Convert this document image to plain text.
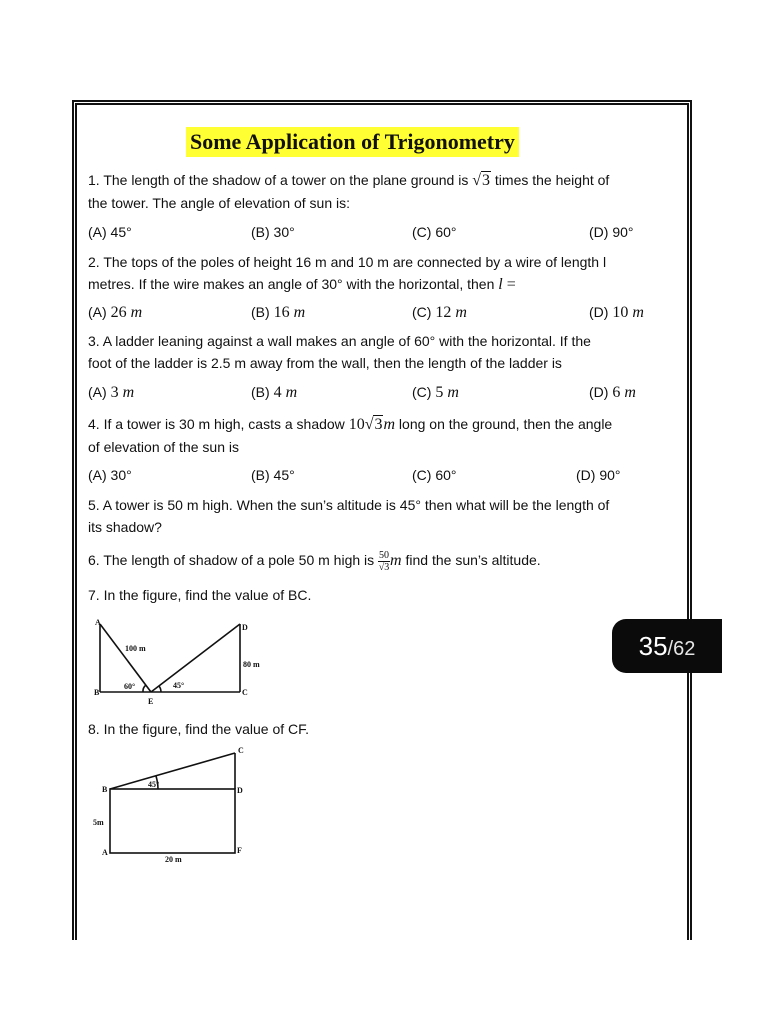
Some Application of Trigonometry
1. The length of the shadow of a tower on the plane ground is √3 times the height of
the tower. The angle of elevation of sun is:
(A) 45°	(B) 30°	(C) 60°	(D) 90°
2. The tops of the poles of height 16 m and 10 m are connected by a wire of length l
metres. If the wire makes an angle of 30° with the horizontal, then l =
(A) 26 m	(B) 16 m	(C) 12 m	(D) 10 m
3. A ladder leaning against a wall makes an angle of 60° with the horizontal. If the
foot of the ladder is 2.5 m away from the wall, then the length of the ladder is
(A) 3 m	(B) 4 m	(C) 5 m	(D) 6 m
4. If a tower is 30 m high, casts a shadow 10√3m long on the ground, then the angle
of elevation of the sun is
(A) 30°	(B) 45°	(C) 60°	(D) 90°
5. A tower is 50 m high. When the sun’s altitude is 45° then what will be the length of
its shadow?
6. The length of shadow of a pole 50 m high is $\frac{50}{√3}$ m find the sun’s altitude.
7. In the figure, find the value of BC.
A
B	C
D
E
100 m
80 m
60°	45°
8. In the figure, find the value of CF.
C
B	D
A	F
5m
20 m
45°
35/62
